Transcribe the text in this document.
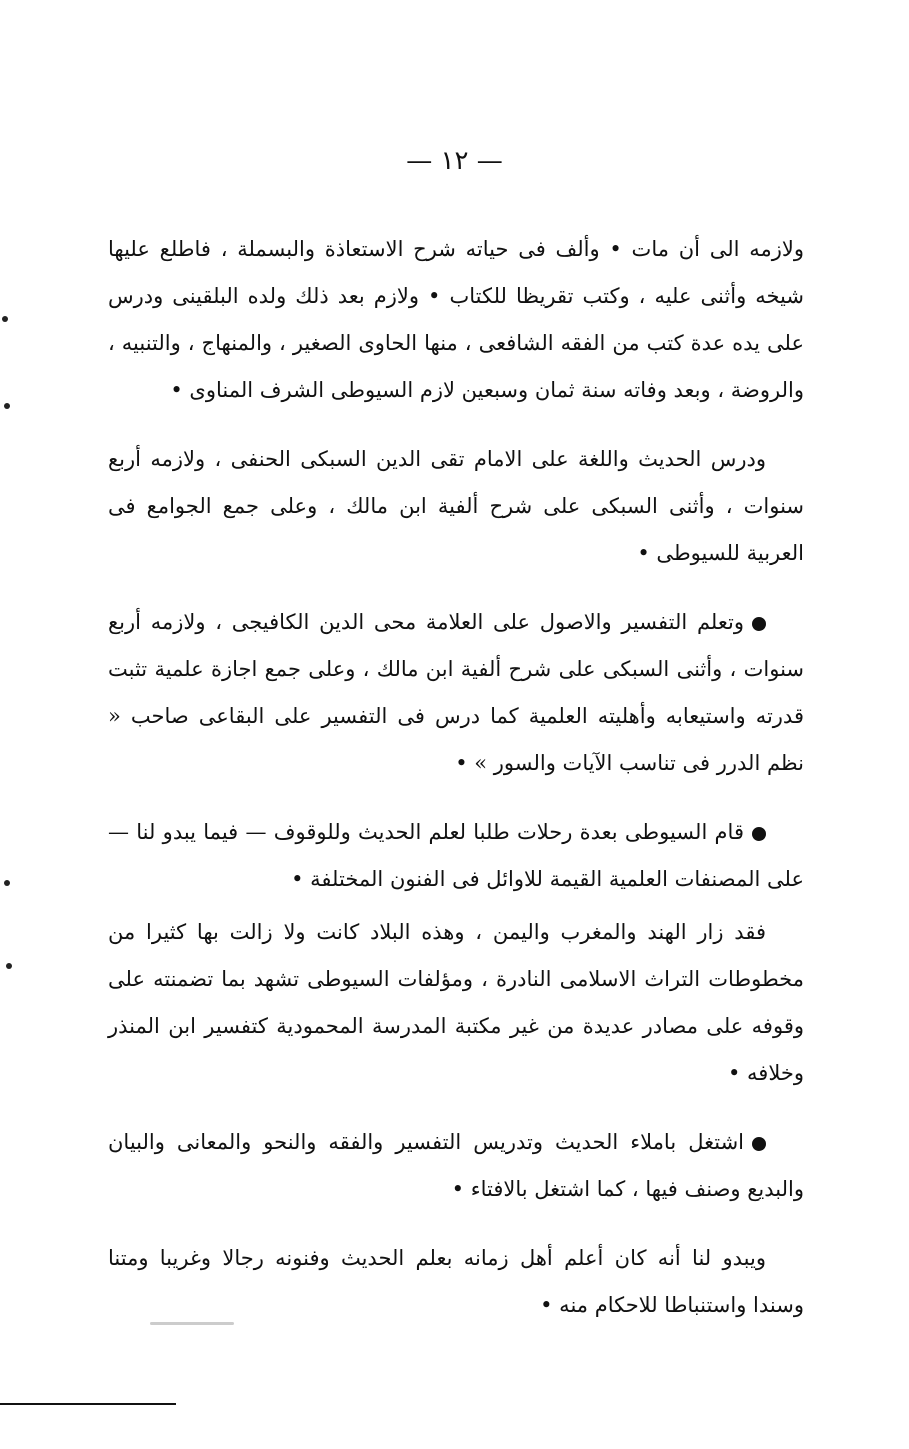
— ١٢ —

ولازمه الى أن مات • وألف فى حياته شرح الاستعاذة والبسملة ، فاطلع عليها شيخه وأثنى عليه ، وكتب تقريظا للكتاب • ولازم بعد ذلك ولده البلقينى ودرس على يده عدة كتب من الفقه الشافعى ، منها الحاوى الصغير ، والمنهاج ، والتنبيه ، والروضة ، وبعد وفاته سنة ثمان وسبعين لازم السيوطى الشرف المناوى •

ودرس الحديث واللغة على الامام تقى الدين السبكى الحنفى ، ولازمه أربع سنوات ، وأثنى السبكى على شرح ألفية ابن مالك ، وعلى جمع الجوامع فى العربية للسيوطى •

وتعلم التفسير والاصول على العلامة محى الدين الكافيجى ، ولازمه أربع سنوات ، وأثنى السبكى على شرح ألفية ابن مالك ، وعلى جمع اجازة علمية تثبت قدرته واستيعابه وأهليته العلمية كما درس فى التفسير على البقاعى صاحب « نظم الدرر فى تناسب الآيات والسور » •

قام السيوطى بعدة رحلات طلبا لعلم الحديث وللوقوف — فيما يبدو لنا — على المصنفات العلمية القيمة للاوائل فى الفنون المختلفة •

فقد زار الهند والمغرب واليمن ، وهذه البلاد كانت ولا زالت بها كثيرا من مخطوطات التراث الاسلامى النادرة ، ومؤلفات السيوطى تشهد بما تضمنته على وقوفه على مصادر عديدة من غير مكتبة المدرسة المحمودية كتفسير ابن المنذر وخلافه •

اشتغل باملاء الحديث وتدريس التفسير والفقه والنحو والمعانى والبيان والبديع وصنف فيها ، كما اشتغل بالافتاء •

ويبدو لنا أنه كان أعلم أهل زمانه بعلم الحديث وفنونه رجالا وغريبا ومتنا وسندا واستنباطا للاحكام منه •
